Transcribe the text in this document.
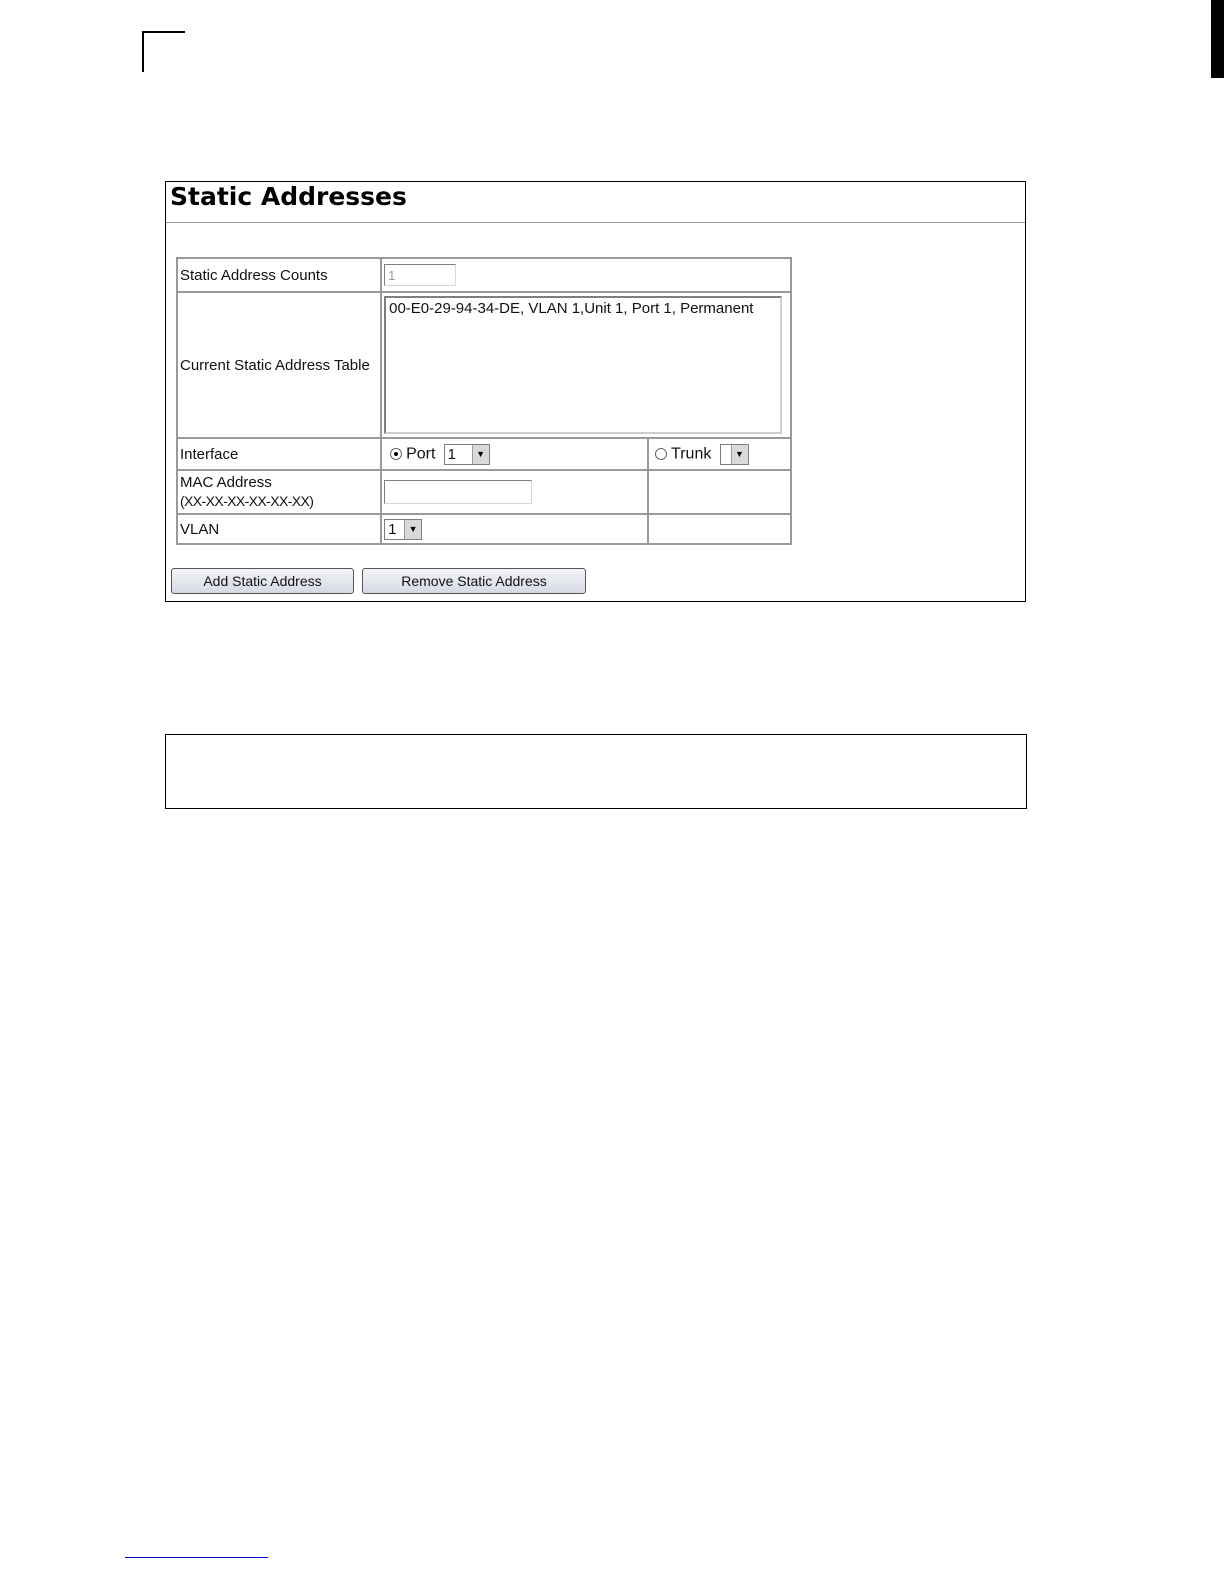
Static Addresses
Static Address Counts	1
Current Static Address Table	00-E0-29-94-34-DE, VLAN 1,Unit 1, Port 1, Permanent	

Interface	Port 1 ▼	Trunk ▼

MAC Address
(XX-XX-XX-XX-XX-XX)

VLAN	1 ▼	

Add Static Address	Remove Static Address
